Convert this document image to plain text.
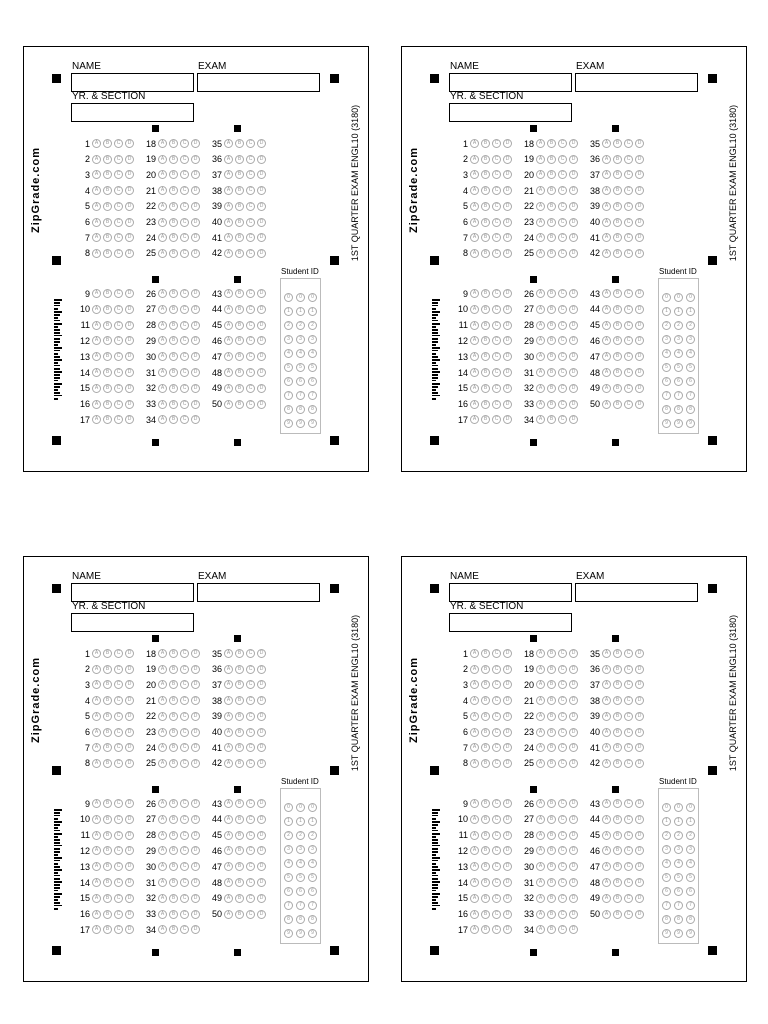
NAME	EXAM
YR. & SECTION
ZipGrade.com	1ST QUARTER EXAM ENGL10 (3180)
1 A	B	C	D	18 A	B	C	D	35 A	B	C	D
2 A	B	C	D	19 A	B	C	D	36 A	B	C	D
3 A	B	C	D	20 A	B	C	D	37 A	B	C	D
4 A	B	C	D	21 A	B	C	D	38 A	B	C	D
5 A	B	C	D	22 A	B	C	D	39 A	B	C	D
6 A	B	C	D	23 A	B	C	D	40 A	B	C	D
7 A	B	C	D	24 A	B	C	D	41 A	B	C	D
8 A	B	C	D	25 A	B	C	D	42 A	B	C	D
9 A	B	C	D	26 A	B	C	D	43 A	B	C	D
10 A	B	C	D	27 A	B	C	D	44 A	B	C	D
11 A	B	C	D	28 A	B	C	D	45 A	B	C	D
12 A	B	C	D	29 A	B	C	D	46 A	B	C	D
13 A	B	C	D	30 A	B	C	D	47 A	B	C	D
14 A	B	C	D	31 A	B	C	D	48 A	B	C	D
15 A	B	C	D	32 A	B	C	D	49 A	B	C	D
16 A	B	C	D	33 A	B	C	D	50 A	B	C	D
17 A	B	C	D	34 A	B	C	D
Student ID
0	0	0
1	1	1
2	2	2
3	3	3
4	4	4
5	5	5
6	6	6
7	7	7
8	8	8
9	9	9
NAME	EXAM
YR. & SECTION
ZipGrade.com	1ST QUARTER EXAM ENGL10 (3180)
1 A	B	C	D	18 A	B	C	D	35 A	B	C	D
2 A	B	C	D	19 A	B	C	D	36 A	B	C	D
3 A	B	C	D	20 A	B	C	D	37 A	B	C	D
4 A	B	C	D	21 A	B	C	D	38 A	B	C	D
5 A	B	C	D	22 A	B	C	D	39 A	B	C	D
6 A	B	C	D	23 A	B	C	D	40 A	B	C	D
7 A	B	C	D	24 A	B	C	D	41 A	B	C	D
8 A	B	C	D	25 A	B	C	D	42 A	B	C	D
9 A	B	C	D	26 A	B	C	D	43 A	B	C	D
10 A	B	C	D	27 A	B	C	D	44 A	B	C	D
11 A	B	C	D	28 A	B	C	D	45 A	B	C	D
12 A	B	C	D	29 A	B	C	D	46 A	B	C	D
13 A	B	C	D	30 A	B	C	D	47 A	B	C	D
14 A	B	C	D	31 A	B	C	D	48 A	B	C	D
15 A	B	C	D	32 A	B	C	D	49 A	B	C	D
16 A	B	C	D	33 A	B	C	D	50 A	B	C	D
17 A	B	C	D	34 A	B	C	D
Student ID
0	0	0
1	1	1
2	2	2
3	3	3
4	4	4
5	5	5
6	6	6
7	7	7
8	8	8
9	9	9
NAME	EXAM
YR. & SECTION
ZipGrade.com	1ST QUARTER EXAM ENGL10 (3180)
1 A	B	C	D	18 A	B	C	D	35 A	B	C	D
2 A	B	C	D	19 A	B	C	D	36 A	B	C	D
3 A	B	C	D	20 A	B	C	D	37 A	B	C	D
4 A	B	C	D	21 A	B	C	D	38 A	B	C	D
5 A	B	C	D	22 A	B	C	D	39 A	B	C	D
6 A	B	C	D	23 A	B	C	D	40 A	B	C	D
7 A	B	C	D	24 A	B	C	D	41 A	B	C	D
8 A	B	C	D	25 A	B	C	D	42 A	B	C	D
9 A	B	C	D	26 A	B	C	D	43 A	B	C	D
10 A	B	C	D	27 A	B	C	D	44 A	B	C	D
11 A	B	C	D	28 A	B	C	D	45 A	B	C	D
12 A	B	C	D	29 A	B	C	D	46 A	B	C	D
13 A	B	C	D	30 A	B	C	D	47 A	B	C	D
14 A	B	C	D	31 A	B	C	D	48 A	B	C	D
15 A	B	C	D	32 A	B	C	D	49 A	B	C	D
16 A	B	C	D	33 A	B	C	D	50 A	B	C	D
17 A	B	C	D	34 A	B	C	D
Student ID
0	0	0
1	1	1
2	2	2
3	3	3
4	4	4
5	5	5
6	6	6
7	7	7
8	8	8
9	9	9
NAME	EXAM
YR. & SECTION
ZipGrade.com	1ST QUARTER EXAM ENGL10 (3180)
1 A	B	C	D	18 A	B	C	D	35 A	B	C	D
2 A	B	C	D	19 A	B	C	D	36 A	B	C	D
3 A	B	C	D	20 A	B	C	D	37 A	B	C	D
4 A	B	C	D	21 A	B	C	D	38 A	B	C	D
5 A	B	C	D	22 A	B	C	D	39 A	B	C	D
6 A	B	C	D	23 A	B	C	D	40 A	B	C	D
7 A	B	C	D	24 A	B	C	D	41 A	B	C	D
8 A	B	C	D	25 A	B	C	D	42 A	B	C	D
9 A	B	C	D	26 A	B	C	D	43 A	B	C	D
10 A	B	C	D	27 A	B	C	D	44 A	B	C	D
11 A	B	C	D	28 A	B	C	D	45 A	B	C	D
12 A	B	C	D	29 A	B	C	D	46 A	B	C	D
13 A	B	C	D	30 A	B	C	D	47 A	B	C	D
14 A	B	C	D	31 A	B	C	D	48 A	B	C	D
15 A	B	C	D	32 A	B	C	D	49 A	B	C	D
16 A	B	C	D	33 A	B	C	D	50 A	B	C	D
17 A	B	C	D	34 A	B	C	D
Student ID
0	0	0
1	1	1
2	2	2
3	3	3
4	4	4
5	5	5
6	6	6
7	7	7
8	8	8
9	9	9
